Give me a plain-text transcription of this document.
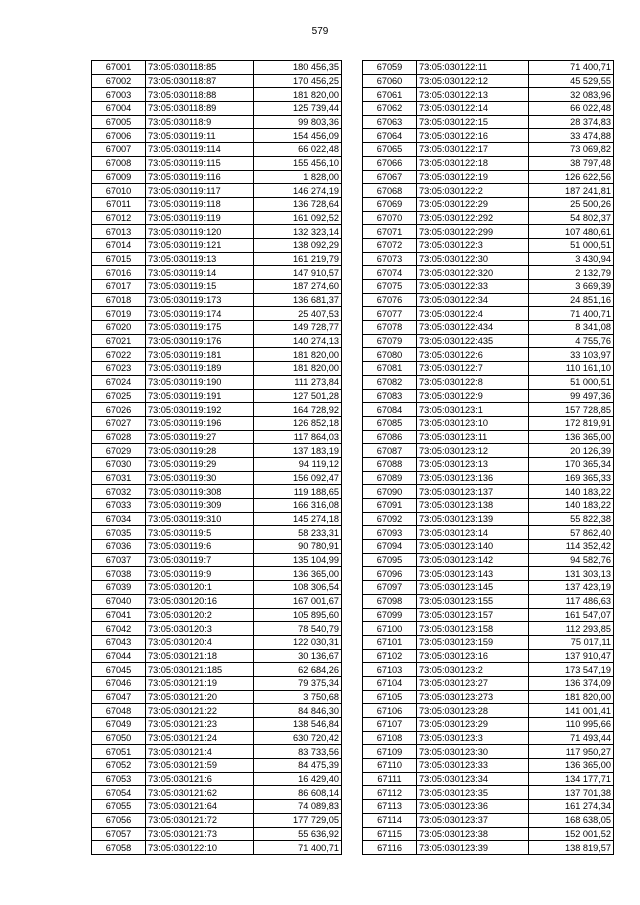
579
67001	73:05:030118:85	180 456,35
67002	73:05:030118:87	170 456,25
67003	73:05:030118:88	181 820,00
67004	73:05:030118:89	125 739,44
67005	73:05:030118:9	99 803,36
67006	73:05:030119:11	154 456,09
67007	73:05:030119:114	66 022,48
67008	73:05:030119:115	155 456,10
67009	73:05:030119:116	1 828,00
67010	73:05:030119:117	146 274,19
67011	73:05:030119:118	136 728,64
67012	73:05:030119:119	161 092,52
67013	73:05:030119:120	132 323,14
67014	73:05:030119:121	138 092,29
67015	73:05:030119:13	161 219,79
67016	73:05:030119:14	147 910,57
67017	73:05:030119:15	187 274,60
67018	73:05:030119:173	136 681,37
67019	73:05:030119:174	25 407,53
67020	73:05:030119:175	149 728,77
67021	73:05:030119:176	140 274,13
67022	73:05:030119:181	181 820,00
67023	73:05:030119:189	181 820,00
67024	73:05:030119:190	111 273,84
67025	73:05:030119:191	127 501,28
67026	73:05:030119:192	164 728,92
67027	73:05:030119:196	126 852,18
67028	73:05:030119:27	117 864,03
67029	73:05:030119:28	137 183,19
67030	73:05:030119:29	94 119,12
67031	73:05:030119:30	156 092,47
67032	73:05:030119:308	119 188,65
67033	73:05:030119:309	166 316,08
67034	73:05:030119:310	145 274,18
67035	73:05:030119:5	58 233,31
67036	73:05:030119:6	90 780,91
67037	73:05:030119:7	135 104,99
67038	73:05:030119:9	136 365,00
67039	73:05:030120:1	108 306,54
67040	73:05:030120:16	167 001,67
67041	73:05:030120:2	105 895,60
67042	73:05:030120:3	78 540,79
67043	73:05:030120:4	122 030,31
67044	73:05:030121:18	30 136,67
67045	73:05:030121:185	62 684,26
67046	73:05:030121:19	79 375,34
67047	73:05:030121:20	3 750,68
67048	73:05:030121:22	84 846,30
67049	73:05:030121:23	138 546,84
67050	73:05:030121:24	630 720,42
67051	73:05:030121:4	83 733,56
67052	73:05:030121:59	84 475,39
67053	73:05:030121:6	16 429,40
67054	73:05:030121:62	86 608,14
67055	73:05:030121:64	74 089,83
67056	73:05:030121:72	177 729,05
67057	73:05:030121:73	55 636,92
67058	73:05:030122:10	71 400,71
67059	73:05:030122:11	71 400,71
67060	73:05:030122:12	45 529,55
67061	73:05:030122:13	32 083,96
67062	73:05:030122:14	66 022,48
67063	73:05:030122:15	28 374,83
67064	73:05:030122:16	33 474,88
67065	73:05:030122:17	73 069,82
67066	73:05:030122:18	38 797,48
67067	73:05:030122:19	126 622,56
67068	73:05:030122:2	187 241,81
67069	73:05:030122:29	25 500,26
67070	73:05:030122:292	54 802,37
67071	73:05:030122:299	107 480,61
67072	73:05:030122:3	51 000,51
67073	73:05:030122:30	3 430,94
67074	73:05:030122:320	2 132,79
67075	73:05:030122:33	3 669,39
67076	73:05:030122:34	24 851,16
67077	73:05:030122:4	71 400,71
67078	73:05:030122:434	8 341,08
67079	73:05:030122:435	4 755,76
67080	73:05:030122:6	33 103,97
67081	73:05:030122:7	110 161,10
67082	73:05:030122:8	51 000,51
67083	73:05:030122:9	99 497,36
67084	73:05:030123:1	157 728,85
67085	73:05:030123:10	172 819,91
67086	73:05:030123:11	136 365,00
67087	73:05:030123:12	20 126,39
67088	73:05:030123:13	170 365,34
67089	73:05:030123:136	169 365,33
67090	73:05:030123:137	140 183,22
67091	73:05:030123:138	140 183,22
67092	73:05:030123:139	55 822,38
67093	73:05:030123:14	57 862,40
67094	73:05:030123:140	114 352,42
67095	73:05:030123:142	94 582,76
67096	73:05:030123:143	131 303,13
67097	73:05:030123:145	137 423,19
67098	73:05:030123:155	117 486,63
67099	73:05:030123:157	161 547,07
67100	73:05:030123:158	112 293,85
67101	73:05:030123:159	75 017,11
67102	73:05:030123:16	137 910,47
67103	73:05:030123:2	173 547,19
67104	73:05:030123:27	136 374,09
67105	73:05:030123:273	181 820,00
67106	73:05:030123:28	141 001,41
67107	73:05:030123:29	110 995,66
67108	73:05:030123:3	71 493,44
67109	73:05:030123:30	117 950,27
67110	73:05:030123:33	136 365,00
67111	73:05:030123:34	134 177,71
67112	73:05:030123:35	137 701,38
67113	73:05:030123:36	161 274,34
67114	73:05:030123:37	168 638,05
67115	73:05:030123:38	152 001,52
67116	73:05:030123:39	138 819,57
